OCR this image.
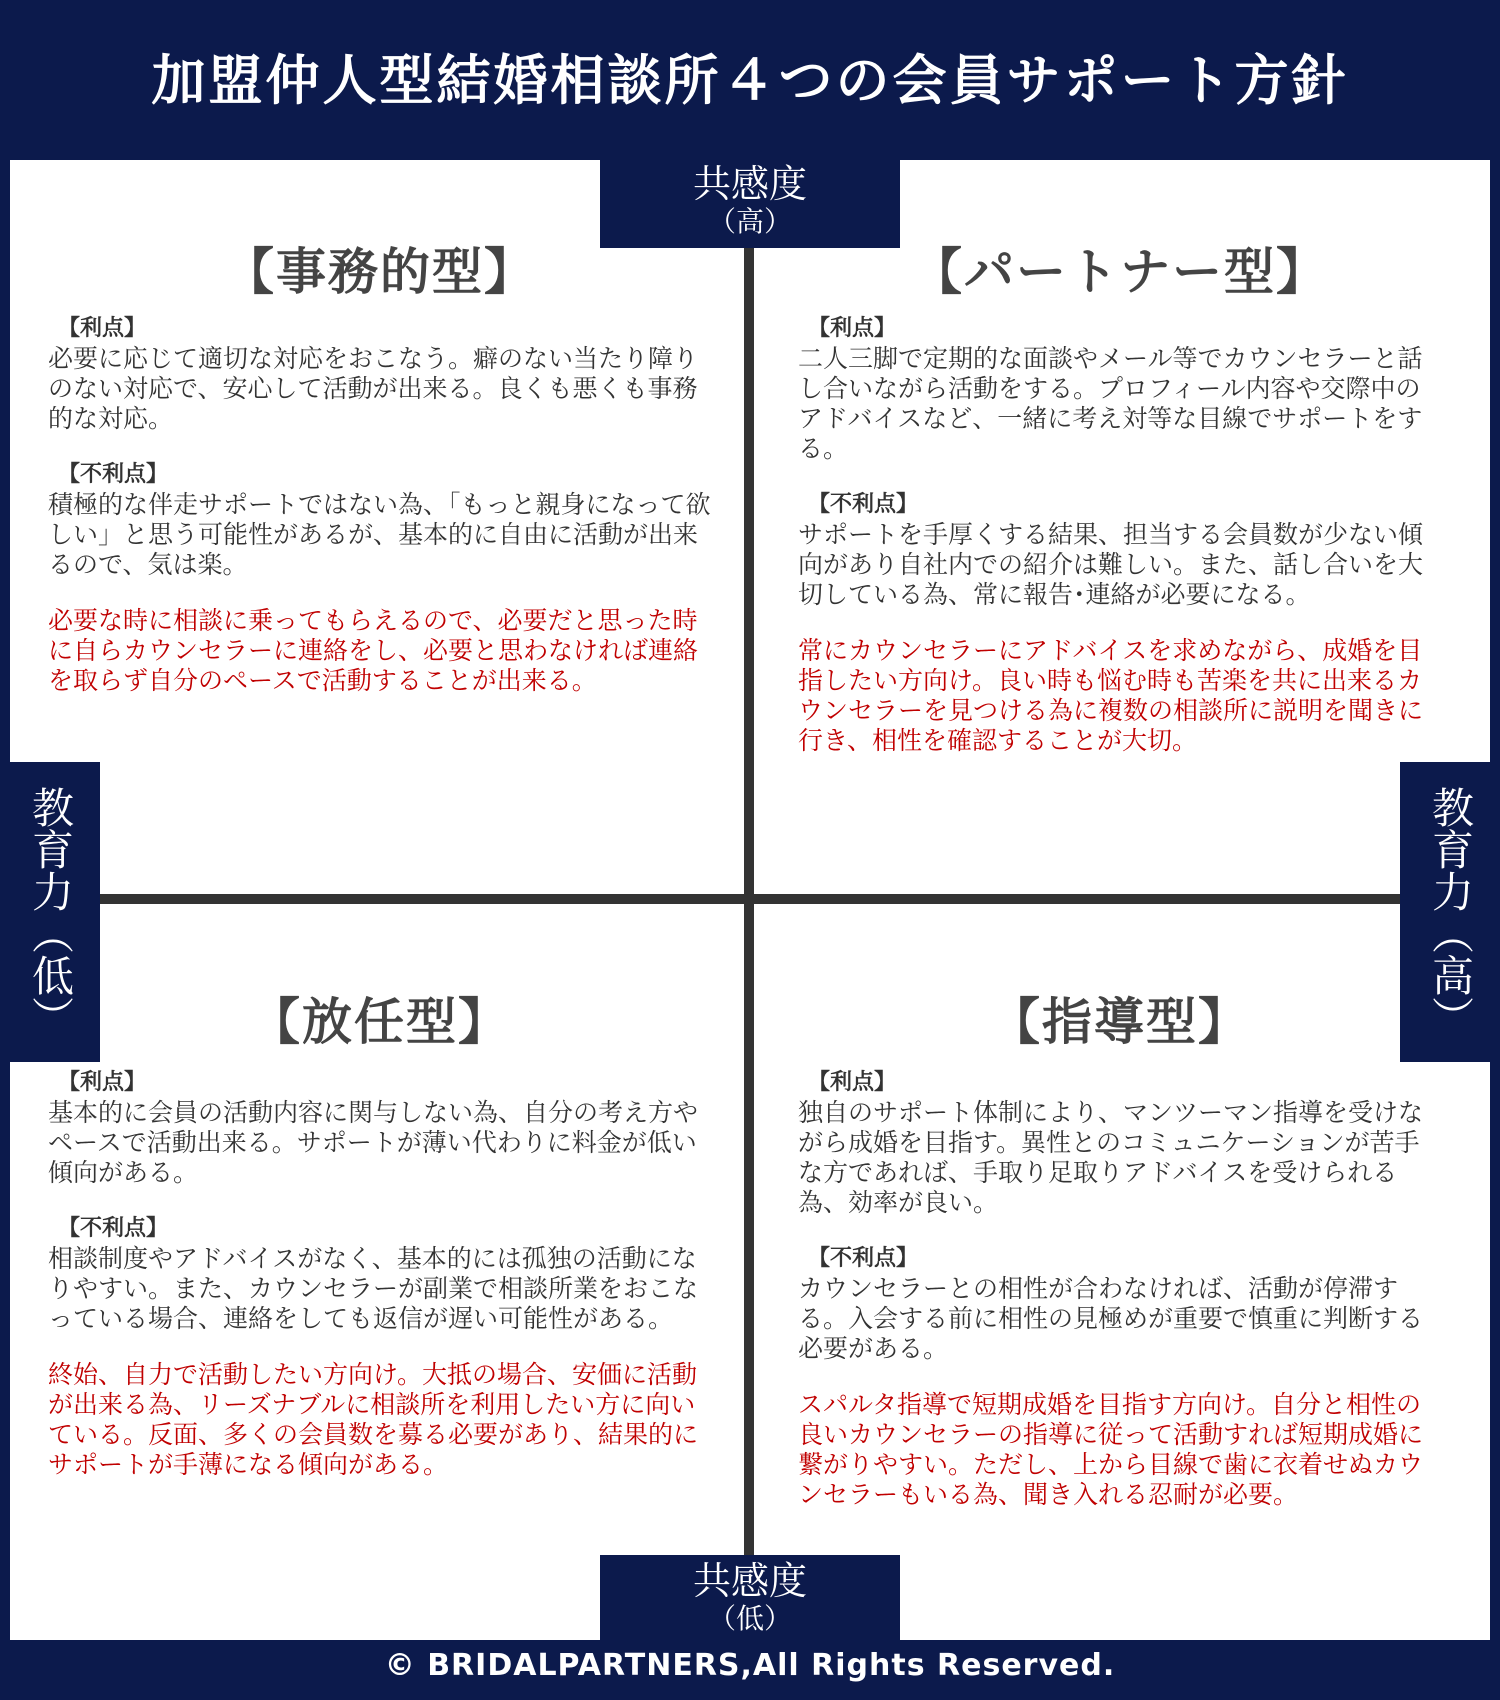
加盟仲人型結婚相談所４つの会員サポート方針
共感度
（高）
共感度
（低）
教育力（低）	教育力（高）
【事務的型】
【利点】

必要に応じて適切な対応をおこなう。癖のない当たり障りのない対応で、安心して活動が出来る。良くも悪くも事務的な対応。

【不利点】

積極的な伴走サポートではない為、「もっと親身になって欲しい」と思う可能性があるが、基本的に自由に活動が出来るので、気は楽。

必要な時に相談に乗ってもらえるので、必要だと思った時に自らカウンセラーに連絡をし、必要と思わなければ連絡を取らず自分のペースで活動することが出来る。

【パートナー型】
【利点】

二人三脚で定期的な面談やメール等でカウンセラーと話し合いながら活動をする。プロフィール内容や交際中のアドバイスなど、一緒に考え対等な目線でサポートをする。

【不利点】

サポートを手厚くする結果、担当する会員数が少ない傾向があり自社内での紹介は難しい。また、話し合いを大切している為、常に報告･連絡が必要になる。

常にカウンセラーにアドバイスを求めながら、成婚を目指したい方向け。良い時も悩む時も苦楽を共に出来るカウンセラーを見つける為に複数の相談所に説明を聞きに行き、相性を確認することが大切。

【放任型】
【利点】

基本的に会員の活動内容に関与しない為、自分の考え方やペースで活動出来る。サポートが薄い代わりに料金が低い傾向がある。

【不利点】

相談制度やアドバイスがなく、基本的には孤独の活動になりやすい。また、カウンセラーが副業で相談所業をおこなっている場合、連絡をしても返信が遅い可能性がある。

終始、自力で活動したい方向け。大抵の場合、安価に活動が出来る為、リーズナブルに相談所を利用したい方に向いている。反面、多くの会員数を募る必要があり、結果的にサポートが手薄になる傾向がある。

【指導型】
【利点】

独自のサポート体制により、マンツーマン指導を受けながら成婚を目指す。異性とのコミュニケーションが苦手な方であれば、手取り足取りアドバイスを受けられる為、効率が良い。

【不利点】

カウンセラーとの相性が合わなければ、活動が停滞する。入会する前に相性の見極めが重要で慎重に判断する必要がある。

スパルタ指導で短期成婚を目指す方向け。自分と相性の良いカウンセラーの指導に従って活動すれば短期成婚に繋がりやすい。ただし、上から目線で歯に衣着せぬカウンセラーもいる為、聞き入れる忍耐が必要。

© BRIDALPARTNERS,All Rights Reserved.
